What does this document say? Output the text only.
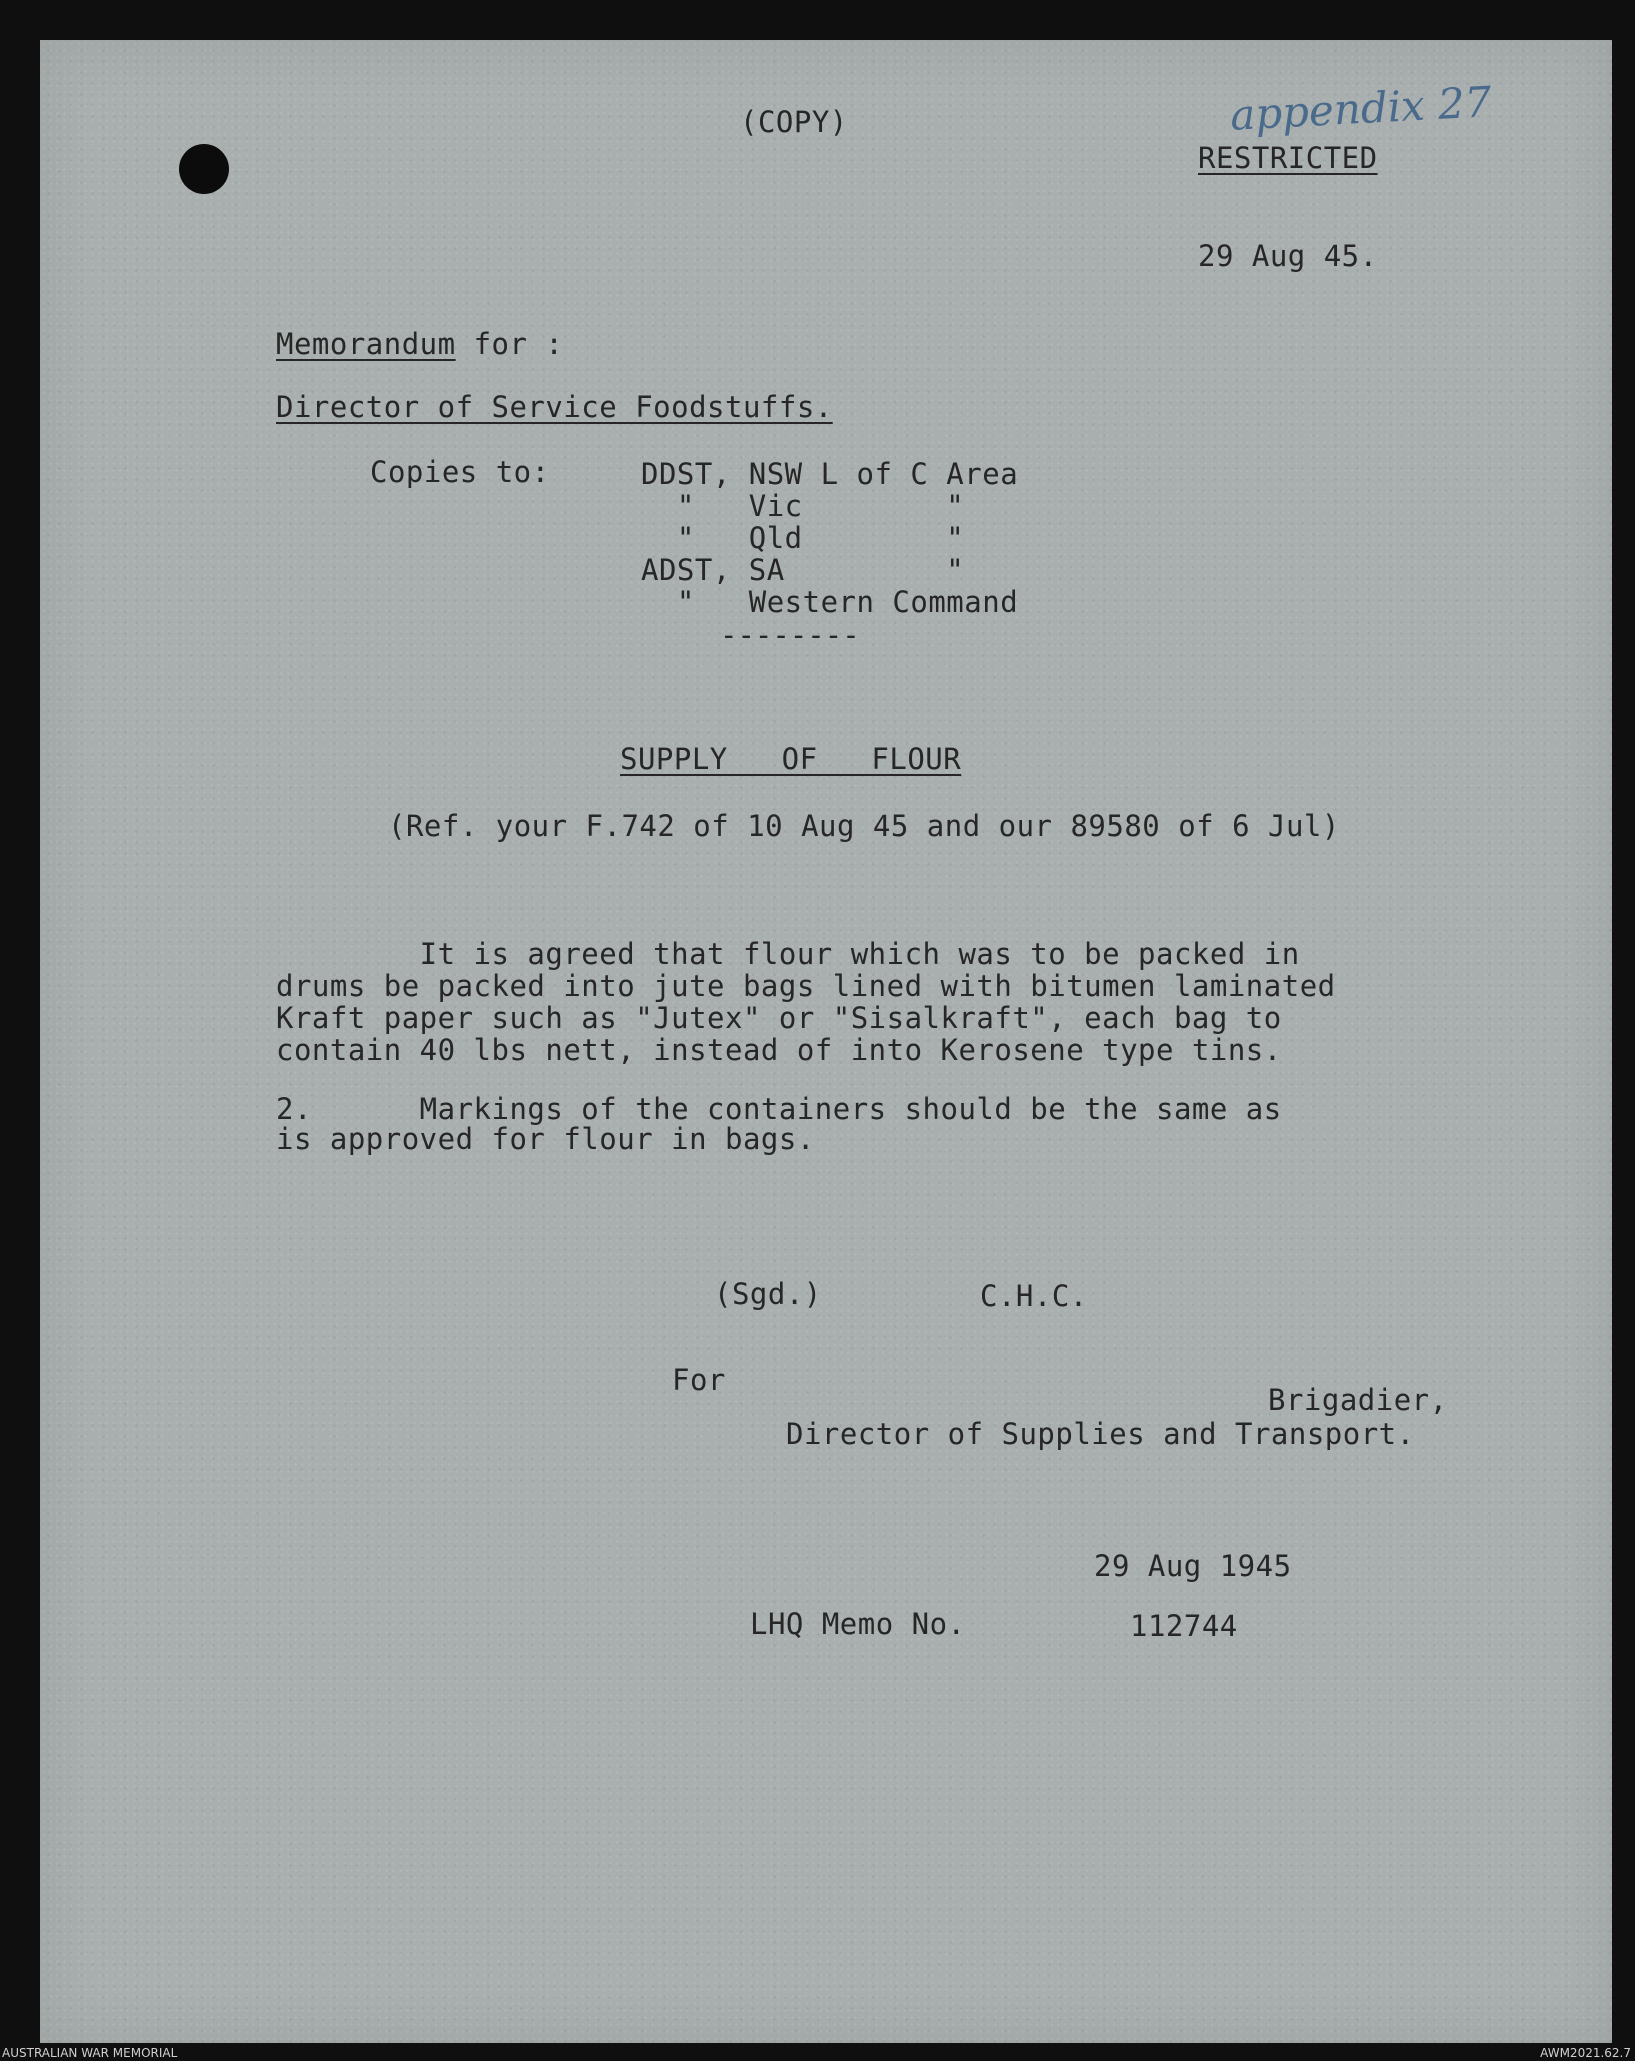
(COPY)	appendix 27
RESTRICTED
29 Aug 45.
Memorandum for :
Director of Service Foodstuffs.
Copies to:	DDST, NSW L of C Area
"   Vic        "
"   Qld        "
ADST, SA         "
"   Western Command
--------
SUPPLY   OF   FLOUR
(Ref. your F.742 of 10 Aug 45 and our 89580 of 6 Jul)
It is agreed that flour which was to be packed in
drums be packed into jute bags lined with bitumen laminated
Kraft paper such as "Jutex" or "Sisalkraft", each bag to
contain 40 lbs nett, instead of into Kerosene type tins.
2.      Markings of the containers should be the same as
is approved for flour in bags.
(Sgd.)	C.H.C.
For
Brigadier,
Director of Supplies and Transport.
29 Aug 1945
LHQ Memo No.	112744
AUSTRALIAN WAR MEMORIAL	AWM2021.62.7
